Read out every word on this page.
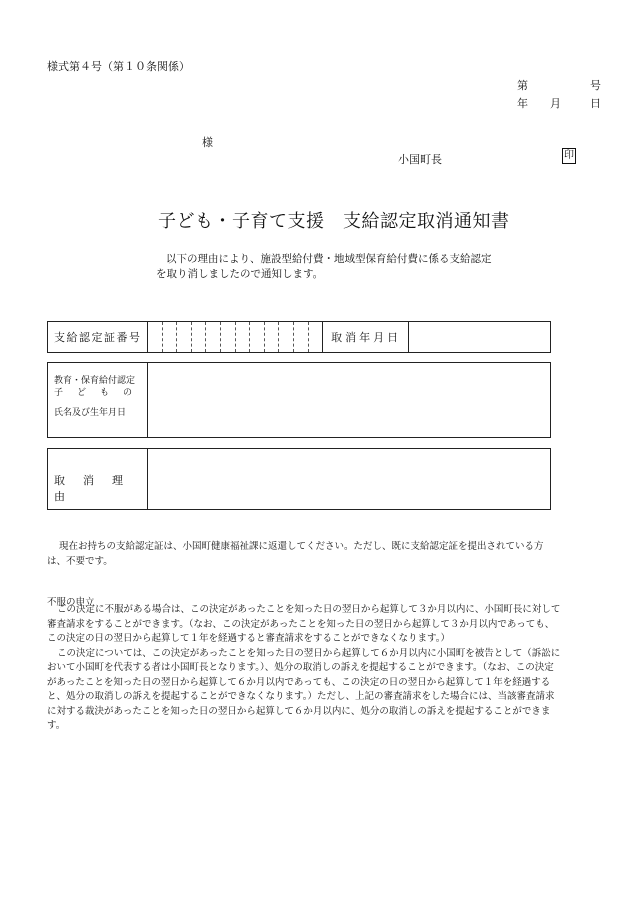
様式第４号（第１０条関係）
第	号
年 月	日
様
小国町長	印
子ども・子育て支援　支給認定取消通知書
以下の理由により、施設型給付費・地域型保育給付費に係る支給認定を取り消しましたので通知します。
支給認定証番号													取消年月日	
教育・保育給付認定
子どもの
氏名及び生年月日
取消理由
現在お持ちの支給認定証は、小国町健康福祉課に返還してください。ただし、既に支給認定証を提出されている方は、不要です。
不服の申立

この決定に不服がある場合は、この決定があったことを知った日の翌日から起算して３か月以内に、小国町長に対して審査請求をすることができます。（なお、この決定があったことを知った日の翌日から起算して３か月以内であっても、この決定の日の翌日から起算して１年を経過すると審査請求をすることができなくなります。）

この決定については、この決定があったことを知った日の翌日から起算して６か月以内に小国町を被告として（訴訟において小国町を代表する者は小国町長となります。）、処分の取消しの訴えを提起することができます。（なお、この決定があったことを知った日の翌日から起算して６か月以内であっても、この決定の日の翌日から起算して１年を経過すると、処分の取消しの訴えを提起することができなくなります。）ただし、上記の審査請求をした場合には、当該審査請求に対する裁決があったことを知った日の翌日から起算して６か月以内に、処分の取消しの訴えを提起することができます。
